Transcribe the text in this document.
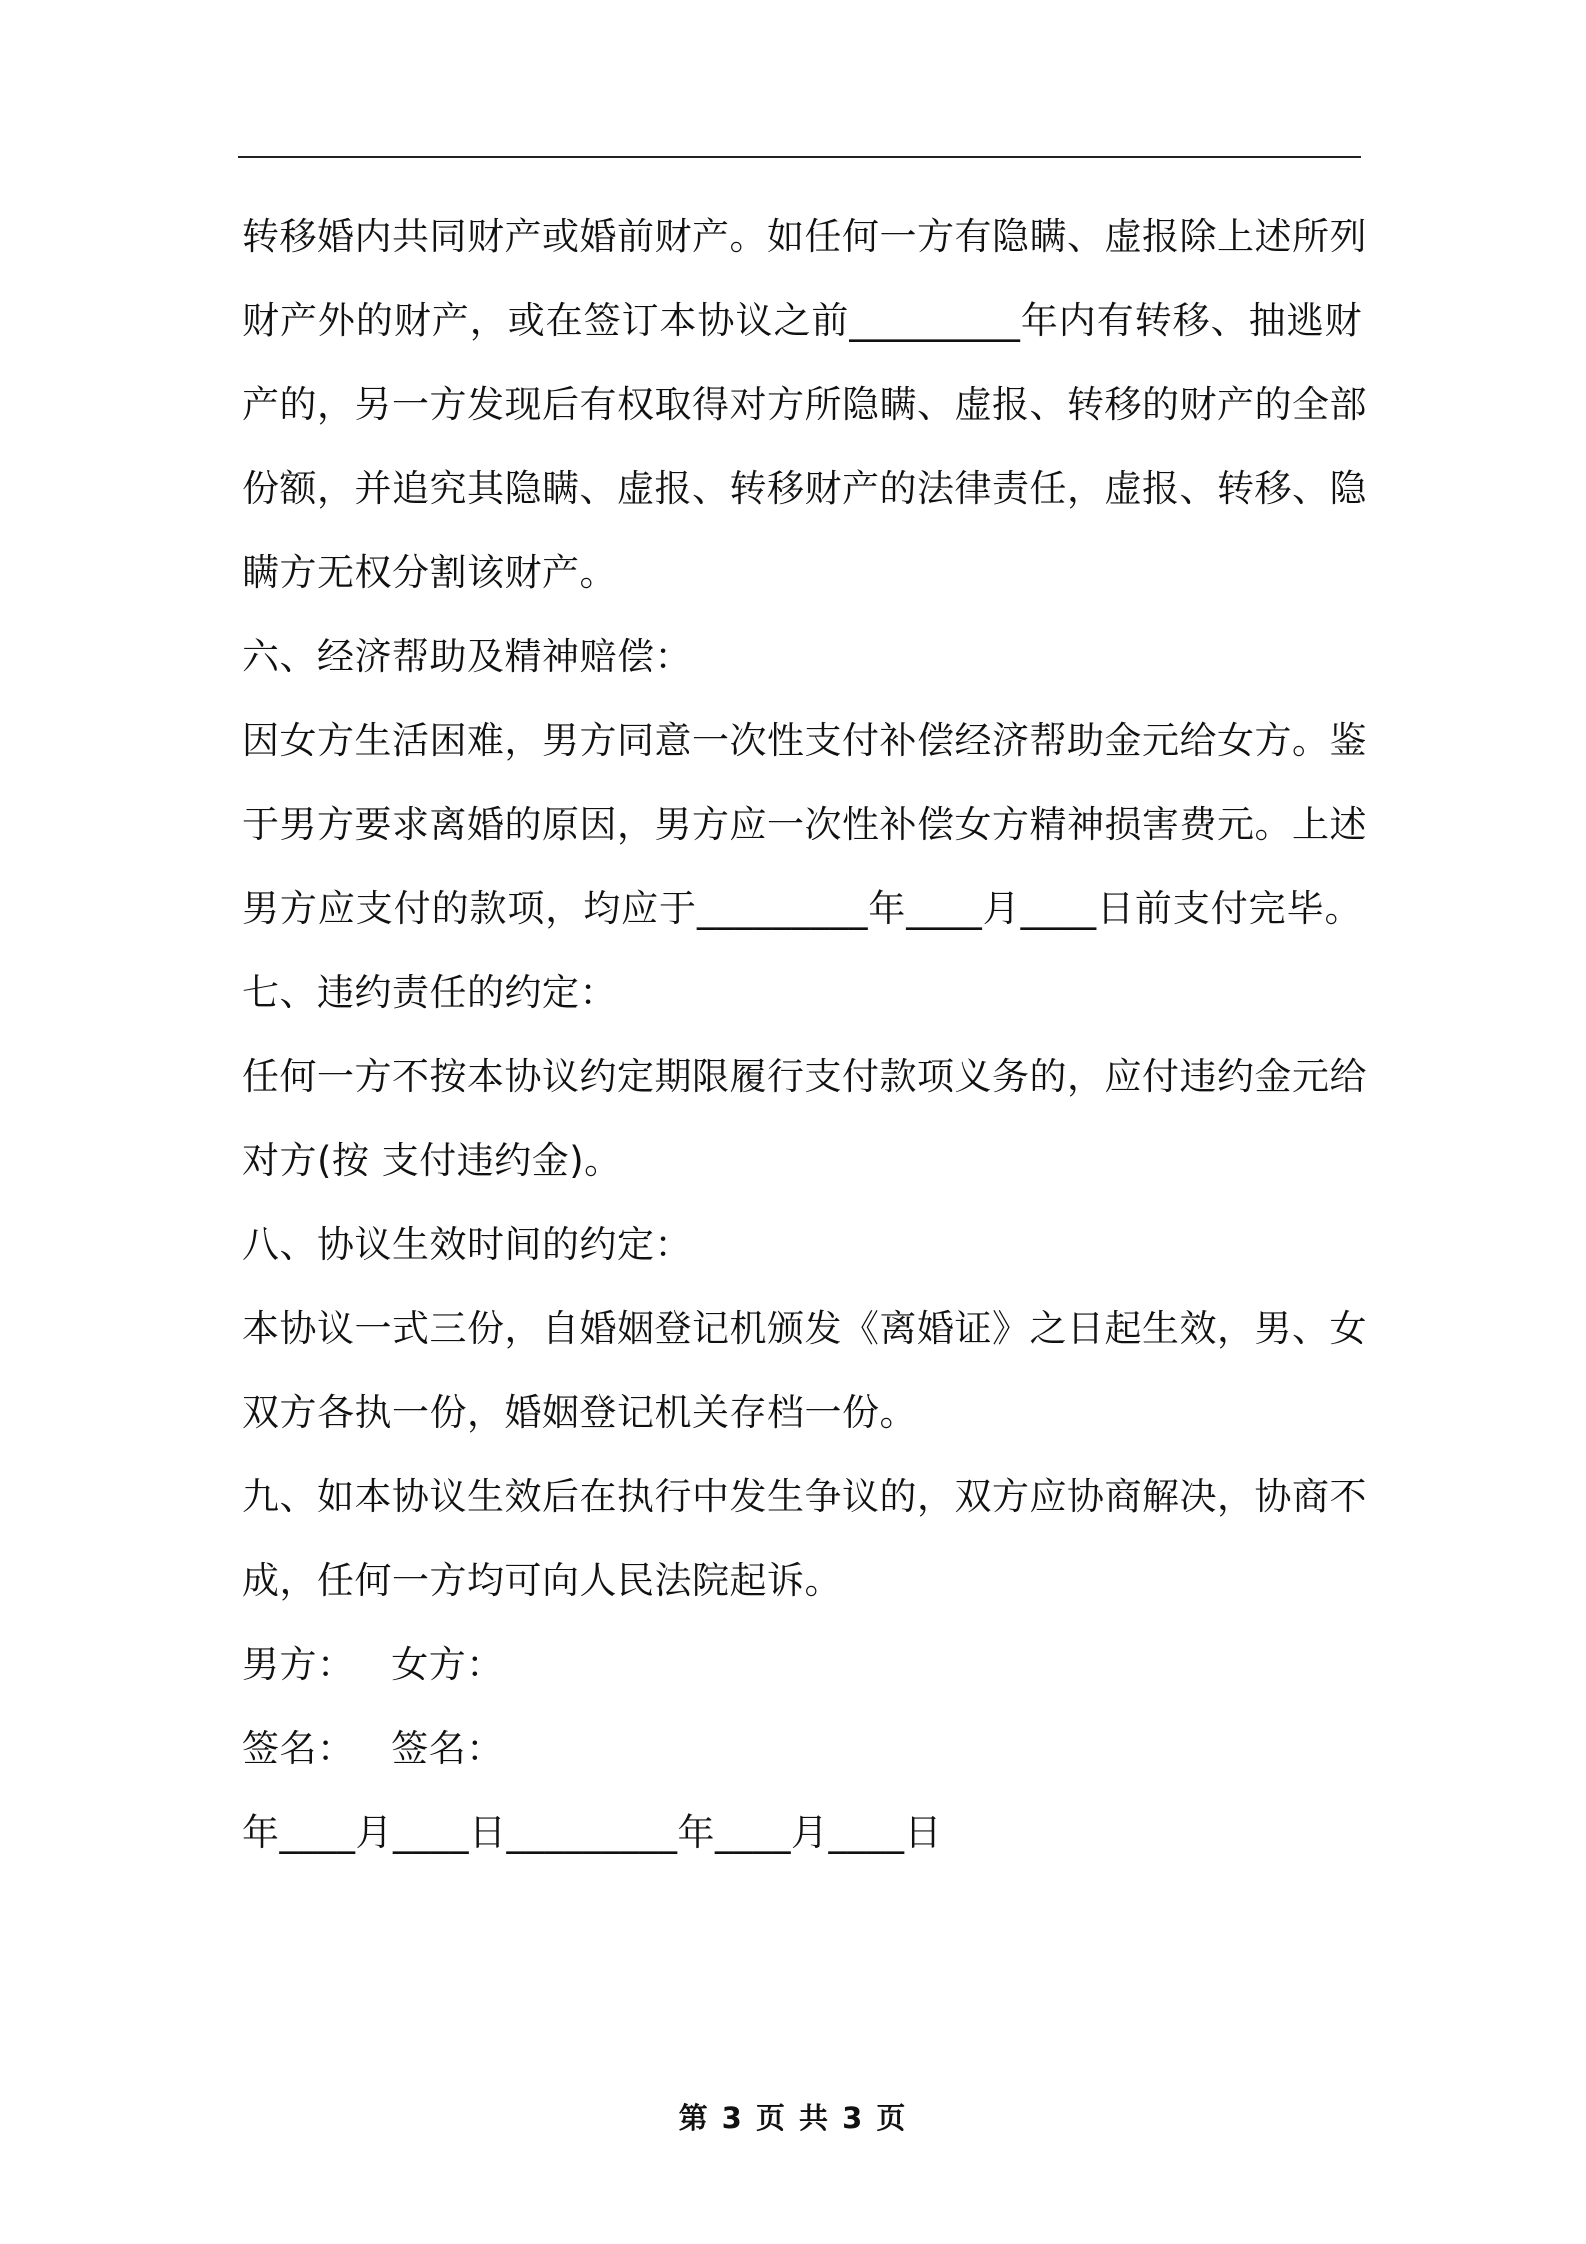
转移婚内共同财产或婚前财产。如任何一方有隐瞒、虚报除上述所列
财产外的财产，或在签订本协议之前_________年内有转移、抽逃财
产的，另一方发现后有权取得对方所隐瞒、虚报、转移的财产的全部
份额，并追究其隐瞒、虚报、转移财产的法律责任，虚报、转移、隐
瞒方无权分割该财产。
六、经济帮助及精神赔偿：
因女方生活困难，男方同意一次性支付补偿经济帮助金元给女方。鉴
于男方要求离婚的原因，男方应一次性补偿女方精神损害费元。上述
男方应支付的款项，均应于_________年____月____日前支付完毕。
七、违约责任的约定：
任何一方不按本协议约定期限履行支付款项义务的，应付违约金元给
对方(按 支付违约金)。
八、协议生效时间的约定：
本协议一式三份，自婚姻登记机颁发《离婚证》之日起生效，男、女
双方各执一份，婚姻登记机关存档一份。
九、如本协议生效后在执行中发生争议的，双方应协商解决，协商不
成，任何一方均可向人民法院起诉。
男方：   女方：
签名：   签名：
年____月____日_________年____月____日
第 3 页 共 3 页
